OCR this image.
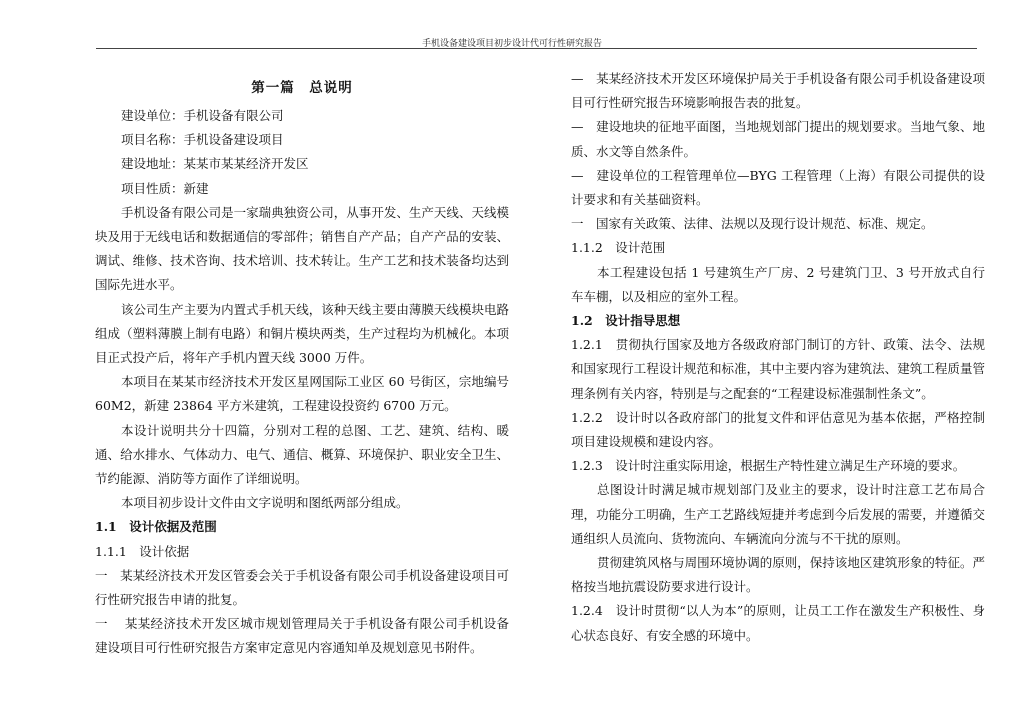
手机设备建设项目初步设计代可行性研究报告
第一篇　总说明

建设单位：手机设备有限公司

项目名称：手机设备建设项目

建设地址：某某市某某经济开发区

项目性质：新建

手机设备有限公司是一家瑞典独资公司，从事开发、生产天线、天线模块及用于无线电话和数据通信的零部件；销售自产产品；自产产品的安装、调试、维修、技术咨询、技术培训、技术转让。生产工艺和技术装备均达到国际先进水平。

该公司生产主要为内置式手机天线，该种天线主要由薄膜天线模块电路组成（塑料薄膜上制有电路）和铜片模块两类，生产过程均为机械化。本项目正式投产后，将年产手机内置天线 3000 万件。

本项目在某某市经济技术开发区星网国际工业区 60 号街区，宗地编号 60M2，新建 23864 平方米建筑，工程建设投资约 6700 万元。

本设计说明共分十四篇，分别对工程的总图、工艺、建筑、结构、暖通、给水排水、气体动力、电气、通信、概算、环境保护、职业安全卫生、节约能源、消防等方面作了详细说明。

本项目初步设计文件由文字说明和图纸两部分组成。

1.1　设计依据及范围

1.1.1　设计依据

一　某某经济技术开发区管委会关于手机设备有限公司手机设备建设项目可行性研究报告申请的批复。

一　 某某经济技术开发区城市规划管理局关于手机设备有限公司手机设备建设项目可行性研究报告方案审定意见内容通知单及规划意见书附件。

—　某某经济技术开发区环境保护局关于手机设备有限公司手机设备建设项目可行性研究报告环境影响报告表的批复。

—　建设地块的征地平面图，当地规划部门提出的规划要求。当地气象、地质、水文等自然条件。

—　建设单位的工程管理单位—BYG 工程管理（上海）有限公司提供的设计要求和有关基础资料。

一　国家有关政策、法律、法规以及现行设计规范、标准、规定。

1.1.2　设计范围

本工程建设包括 1 号建筑生产厂房、2 号建筑门卫、3 号开放式自行车车棚，以及相应的室外工程。

1.2　设计指导思想

1.2.1　贯彻执行国家及地方各级政府部门制订的方针、政策、法令、法规和国家现行工程设计规范和标准，其中主要内容为建筑法、建筑工程质量管理条例有关内容，特别是与之配套的“工程建设标准强制性条文”。

1.2.2　设计时以各政府部门的批复文件和评估意见为基本依据，严格控制项目建设规模和建设内容。

1.2.3　设计时注重实际用途，根据生产特性建立满足生产环境的要求。

总图设计时满足城市规划部门及业主的要求，设计时注意工艺布局合理，功能分工明确，生产工艺路线短捷并考虑到今后发展的需要，并遵循交通组织人员流向、货物流向、车辆流向分流与不干扰的原则。

贯彻建筑风格与周围环境协调的原则，保持该地区建筑形象的特征。严格按当地抗震设防要求进行设计。

1.2.4　设计时贯彻“以人为本”的原则，让员工工作在激发生产积极性、身心状态良好、有安全感的环境中。
